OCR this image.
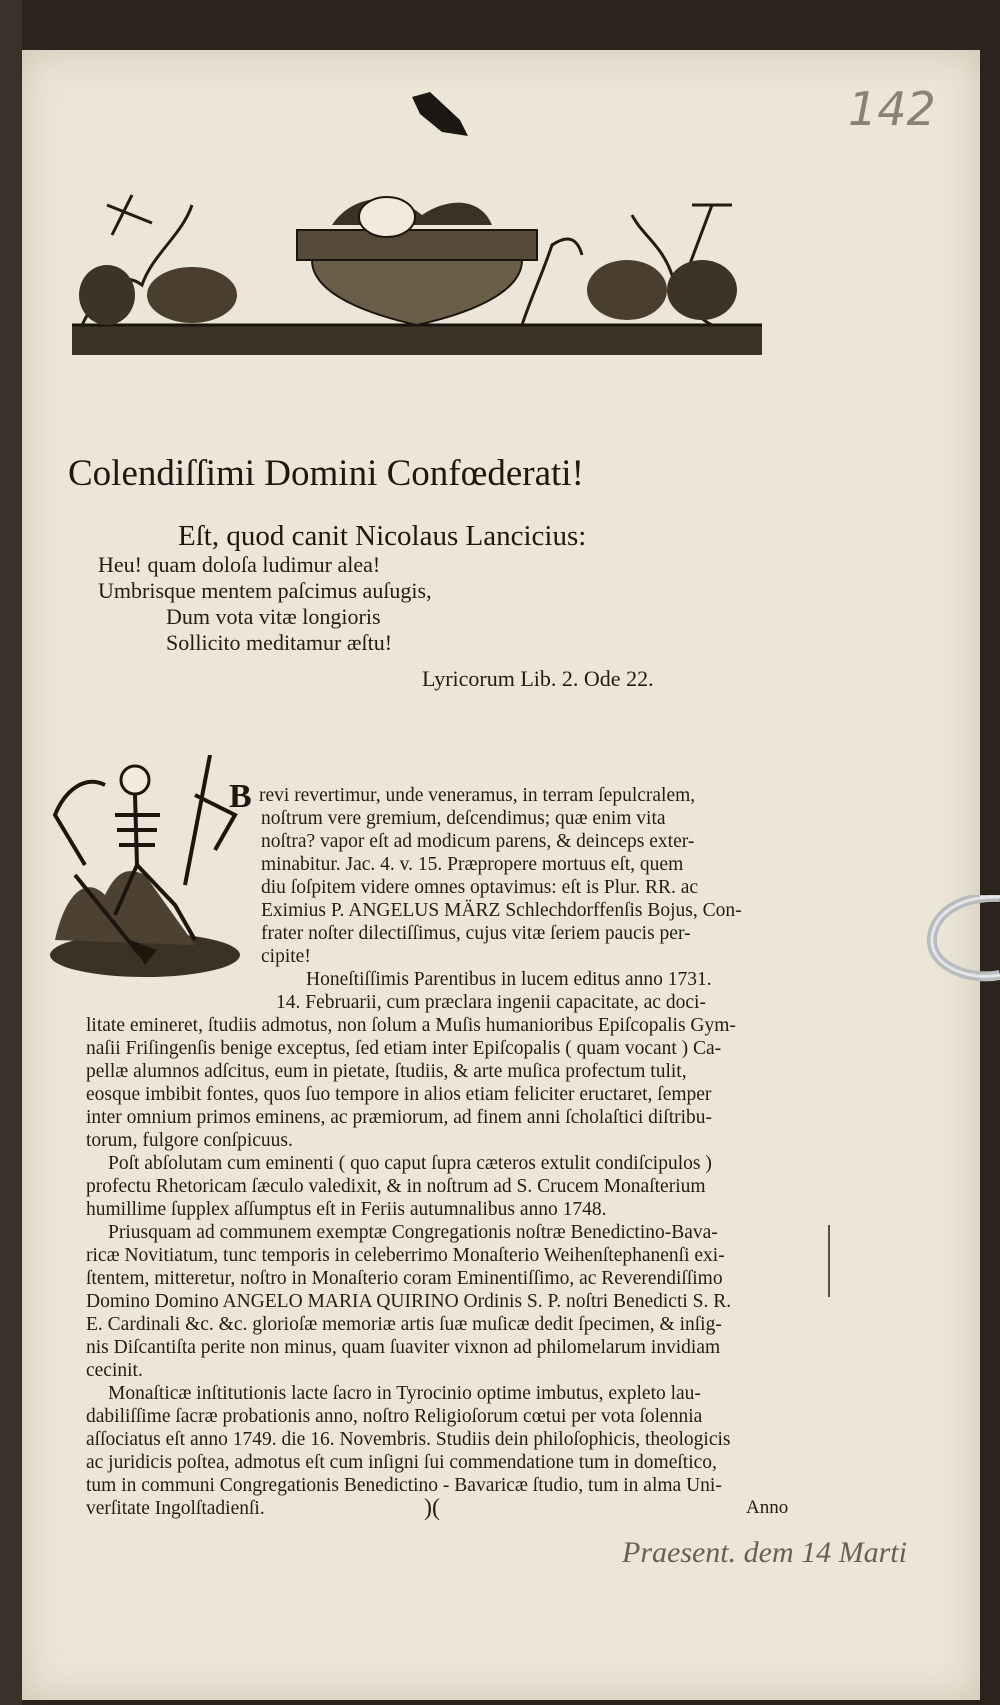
142
Colendiſſimi Domini Confœderati!
Eſt, quod canit Nicolaus Lancicius:
Heu! quam doloſa ludimur alea!
Umbrisque mentem paſcimus auſugis,
Dum vota vitæ longioris
Sollicito meditamur æſtu!
Lyricorum Lib. 2. Ode 22.
B revi revertimur, unde veneramus, in terram ſepulcralem,
noſtrum vere gremium, deſcendimus; quæ enim vita
noſtra? vapor eſt ad modicum parens, & deinceps exter-
minabitur. Jac. 4. v. 15. Præpropere mortuus eſt, quem
diu ſoſpitem videre omnes optavimus: eſt is Plur. RR. ac
Eximius P. ANGELUS MÄRZ Schlechdorffenſis Bojus, Con-
frater noſter dilectiſſimus, cujus vitæ ſeriem paucis per-
cipite!
Honeſtiſſimis Parentibus in lucem editus anno 1731.
14. Februarii, cum præclara ingenii capacitate, ac doci-
litate emineret, ſtudiis admotus, non ſolum a Muſis humanioribus Epiſcopalis Gym-
naſii Friſingenſis benige exceptus, ſed etiam inter Epiſcopalis ( quam vocant ) Ca-
pellæ alumnos adſcitus, eum in pietate, ſtudiis, & arte muſica profectum tulit,
eosque imbibit fontes, quos ſuo tempore in alios etiam feliciter eructaret, ſemper
inter omnium primos eminens, ac præmiorum, ad finem anni ſcholaſtici diſtribu-
torum, fulgore conſpicuus.
Poſt abſolutam cum eminenti ( quo caput ſupra cæteros extulit condiſcipulos )
profectu Rhetoricam ſæculo valedixit, & in noſtrum ad S. Crucem Monaſterium
humillime ſupplex aſſumptus eſt in Feriis autumnalibus anno 1748.
Priusquam ad communem exemptæ Congregationis noſtræ Benedictino-Bava-
ricæ Novitiatum, tunc temporis in celeberrimo Monaſterio Weihenſtephanenſi exi-
ſtentem, mitteretur, noſtro in Monaſterio coram Eminentiſſimo, ac Reverendiſſimo
Domino Domino ANGELO MARIA QUIRINO Ordinis S. P. noſtri Benedicti S. R.
E. Cardinali &c. &c. glorioſæ memoriæ artis ſuæ muſicæ dedit ſpecimen, & inſig-
nis Diſcantiſta perite non minus, quam ſuaviter vixnon ad philomelarum invidiam
cecinit.
Monaſticæ inſtitutionis lacte ſacro in Tyrocinio optime imbutus, expleto lau-
dabiliſſime ſacræ probationis anno, noſtro Religioſorum cœtui per vota ſolennia
aſſociatus eſt anno 1749. die 16. Novembris. Studiis dein philoſophicis, theologicis
ac juridicis poſtea, admotus eſt cum inſigni ſui commendatione tum in domeſtico,
tum in communi Congregationis Benedictino - Bavaricæ ſtudio, tum in alma Uni-
verſitate Ingolſtadienſi.	)(	Anno
Praesent. dem 14 Marti
